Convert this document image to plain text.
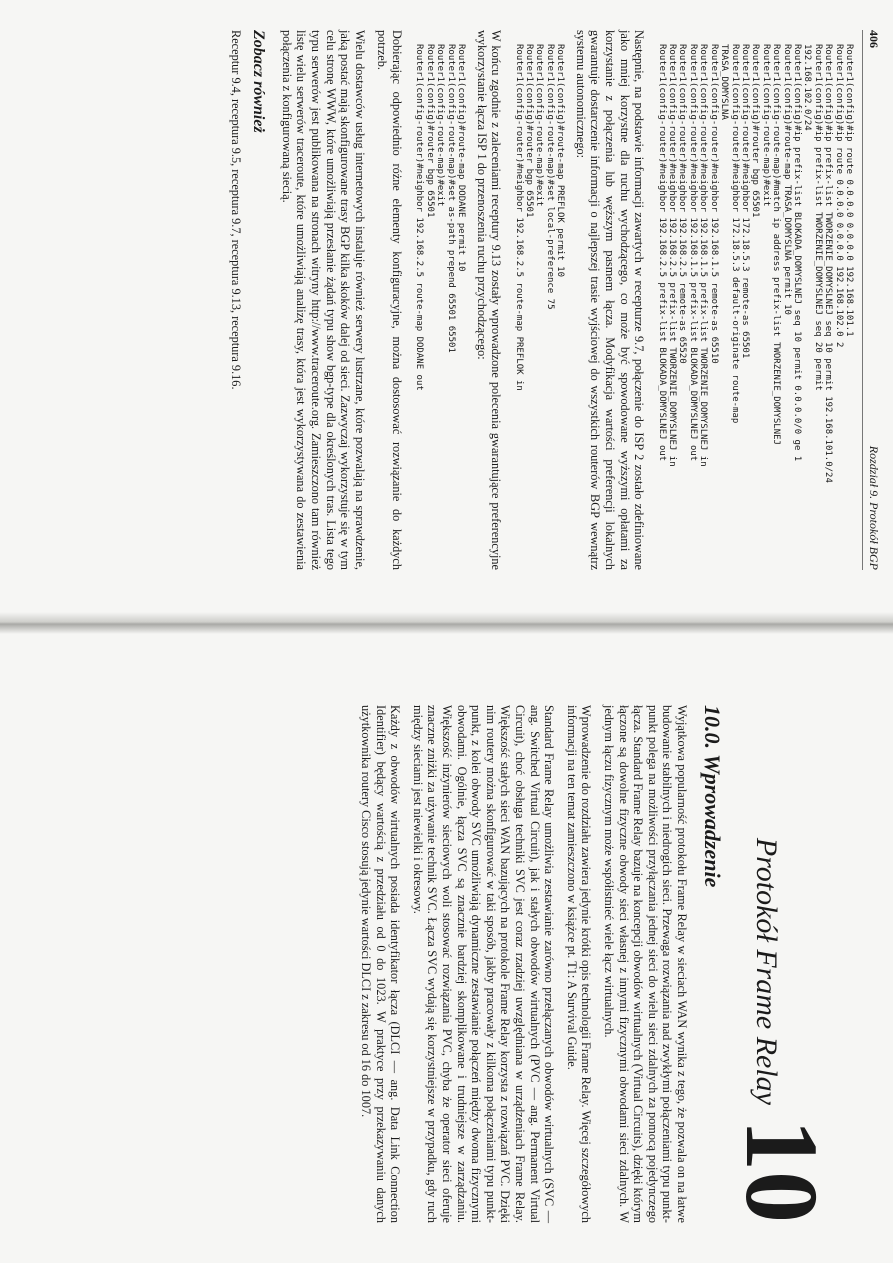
406
Rozdział 9. Protokół BGP
Router1(config)#ip route 0.0.0.0 0.0.0.0 192.168.101.1
Router1(config)#ip route 0.0.0.0 0.0.0.0 192.168.102.0 2
Router1(config)#ip prefix-list TWORZENIE_DOMYSLNEJ seq 10 permit 192.168.101.0/24
Router1(config)#ip prefix-list TWORZENIE_DOMYSLNEJ seq 20 permit
192.168.102.0/24
Router1(config)#ip prefix-list BLOKADA_DOMYSLNEJ seq 10 permit 0.0.0.0/0 ge 1
Router1(config)#route-map TRASA_DOMYSLNA permit 10
Router1(config-route-map)#match ip address prefix-list TWORZENIE_DOMYSLNEJ
Router1(config-route-map)#exit
Router1(config)#router bgp 65501
Router1(config-router)#neighbor 172.18.5.3 remote-as 65501
Router1(config-router)#neighbor 172.18.5.3 default-originate route-map
TRASA_DOMYSLNA
Router1(config-router)#neighbor 192.168.1.5 remote-as 65510
Router1(config-router)#neighbor 192.168.1.5 prefix-list TWORZENIE_DOMYSLNEJ in
Router1(config-router)#neighbor 192.168.1.5 prefix-list BLOKADA_DOMYSLNEJ out
Router1(config-router)#neighbor 192.168.2.5 remote-as 65520
Router1(config-router)#neighbor 192.168.2.5 prefix-list TWORZENIE_DOMYSLNEJ in
Router1(config-router)#neighbor 192.168.2.5 prefix-list BLOKADA_DOMYSLNEJ out

Następnie, na podstawie informacji zawartych w recepturze 9.7, połączenie do ISP 2 zostało zdefiniowane jako mniej korzystne dla ruchu wychodzącego, co może być spowodowane wyższymi opłatami za korzystanie z połączenia lub węższym pasmem łącza. Modyfikacja wartości preferencji lokalnych gwarantuje dostarczenie informacji o najlepszej trasie wyjściowej do wszystkich routerów BGP wewnątrz systemu autonomicznego:

Router1(config)#route-map PREFLOK permit 10
Router1(config-route-map)#set local-preference 75
Router1(config-route-map)#exit
Router1(config)#router bgp 65501
Router1(config-router)#neighbor 192.168.2.5 route-map PREFLOK in

W końcu zgodnie z zaleceniami receptury 9.13 zostały wprowadzone polecenia gwarantujące preferencyjne wykorzystanie łącza ISP 1 do przenoszenia ruchu przychodzącego:

Router1(config)#route-map DODANE permit 10
Router1(config-route-map)#set as-path prepend 65501 65501
Router1(config-route-map)#exit
Router1(config)#router bgp 65501
Router1(config-router)#neighbor 192.168.2.5 route-map DODANE out

Dobierając odpowiednio różne elementy konfiguracyjne, można dostosować rozwiązanie do każdych potrzeb.

Wielu dostawców usług internetowych instaluje również serwery lustrzane, które pozwalają na sprawdzenie, jaką postać mają skonfigurowane trasy BGP kilka skoków dalej od sieci. Zazwyczaj wykorzystuje się w tym celu stronę WWW, które umożliwiają przesłanie żądań typu show bgp-type dla określonych tras. Lista tego typu serwerów jest publikowana na stronach witryny http://www.traceroute.org. Zamieszczono tam również listę wielu serwerów traceroute, które umożliwiają analizę trasy, która jest wykorzystywana do zestawienia połączenia z konfigurowaną siecią.

Zobacz również

Receptur 9.4, receptura 9.5, receptura 9.7, receptura 9.13, receptura 9.16.

Protokół Frame Relay
10
10.0. Wprowadzenie

Wyjątkowa popularność protokołu Frame Relay w sieciach WAN wynika z tego, że pozwala on na łatwe budowanie stabilnych i niedrogich sieci. Przewaga rozwiązania nad zwykłymi połączeniami typu punkt-punkt polega na możliwości przyłączania jednej sieci do wielu sieci zdalnych za pomocą pojedynczego łącza. Standard Frame Relay bazuje na koncepcji obwodów wirtualnych (Virtual Circuits), dzięki którym łączone są dowolne fizyczne obwody sieci własnej z innymi fizycznymi obwodami sieci zdalnych. W jednym łączu fizycznym może współistnieć wiele łącz wirtualnych.

Wprowadzenie do rozdziału zawiera jedynie krótki opis technologii Frame Relay. Więcej szczegółowych informacji na ten temat zamieszczono w książce pt. T1: A Survival Guide.

Standard Frame Relay umożliwia zestawianie zarówno przełączanych obwodów wirtualnych (SVC — ang. Switched Virtual Circuit), jak i stałych obwodów wirtualnych (PVC — ang. Permanent Virtual Circuit), choć obsługa techniki SVC jest coraz rzadziej uwzględniana w urządzeniach Frame Relay. Większość stałych sieci WAN bazujących na protokole Frame Relay korzysta z rozwiązań PVC. Dzięki nim routery można skonfigurować w taki sposób, jakby pracowały z kilkoma połączeniami typu punkt-punkt, z kolei obwody SVC umożliwiają dynamiczne zestawianie połączeń między dwoma fizycznymi obwodami. Ogólnie, łącza SVC są znacznie bardziej skomplikowane i trudniejsze w zarządzaniu. Większość inżynierów sieciowych woli stosować rozwiązania PVC, chyba że operator sieci oferuje znaczne zniżki za używanie technik SVC. Łącza SVC wydają się korzystniejsze w przypadku, gdy ruch między sieciami jest niewielki i okresowy.

Każdy z obwodów wirtualnych posiada identyfikator łącza (DLCI — ang. Data Link Connection Identifier) będący wartością z przedziału od 0 do 1023. W praktyce przy przekazywaniu danych użytkownika routery Cisco stosują jedynie wartości DLCI z zakresu od 16 do 1007.
